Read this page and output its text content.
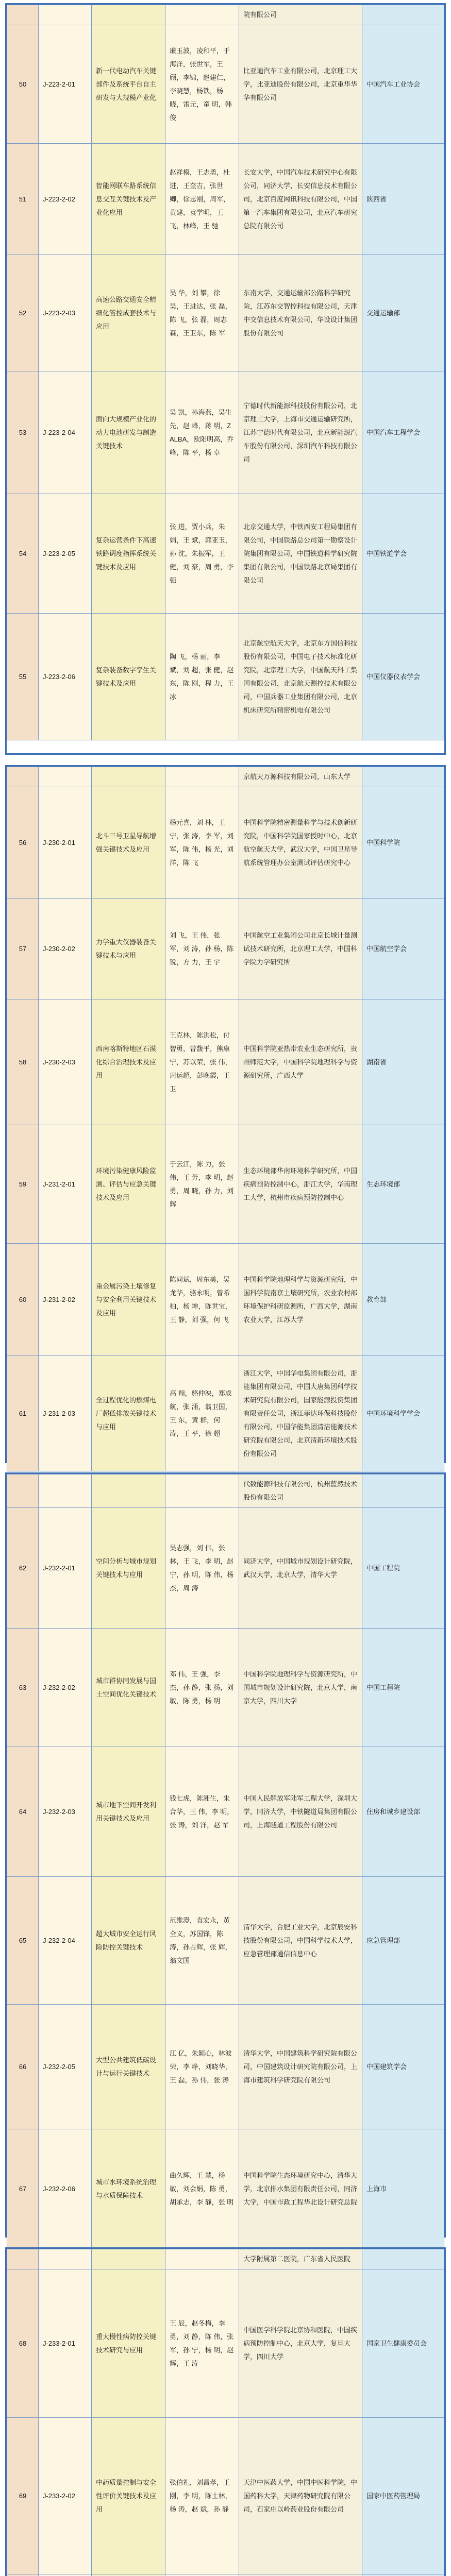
				院有限公司	
50	J-223-2-01	新一代电动汽车关键部件及系统平台自主研发与大规模产业化	廉玉波，凌和平，于海洋，张世军，王颀，李锦，赵建仁，李晓慧，杨铁，杨晓，雷元，童 明，韩 俊	比亚迪汽车工业有限公司，北京理工大学，比亚迪股份有限公司，北京重华华华有限公司	中国汽车工业协会
51	J-223-2-02	智能网联车路系统信息交互关键技术及产业化应用	赵祥模，王志勇，杜进，王奎吉，张世卿，徐志刚，周军，黄建，袁学明，王飞，林峰，王 驰	长安大学，中国汽车技术研究中心有限公司，同济大学，长安信息技术有限公司，北京百度网讯科技有限公司，中国第一汽车集团有限公司，北京汽车研究总院有限公司	陕西省
52	J-223-2-03	高速公路交通安全精细化管控成套技术与应用	吴 华，刘 攀，徐 吴，王进达，张 磊，陈 飞，张 磊，周志森，王卫东，陈 军	东南大学，交通运输部公路科学研究院，江苏东交智控科技有限公司，天津中交信息技术有限公司，华设设计集团股份有限公司	交通运输部
53	J-223-2-04	面向大规模产业化的动力电池研发与制造关键技术	吴 凯，孙海燕，吴生先，赵 峰，蒋 明，ZALBA，欧阳明高，乔 峰，陈 平，杨 卓	宁德时代新能源科技股份有限公司，北京理工大学，上海市交通运输研究所，江苏宁德时代有限公司，北京新能源汽车股份有限公司，深圳汽车科技有限公司	中国汽车工程学会
54	J-223-2-05	复杂运营条件下高速铁路调度指挥系统关键技术及应用	张 进，贾小兵，朱 娟，王 斌，郭亚玉，孙 沈，朱振军，王 健，刘 豪，周 勇，李 强	北京交通大学，中铁西安工程局集团有限公司，中国铁路总公司第一勘察设计院集团有限公司，中国铁道科学研究院集团有限公司，中国铁路北京局集团有限公司	中国铁道学会
55	J-223-2-06	复杂装备数字孪生关键技术及应用	陶 飞，杨 丽，李 斌，刘 超，张 健，赵 东，陈 刚，程 力，王 冰	北京航空航天大学，北京东方国信科技股份有限公司，中国电子技术标准化研究院，北京理工大学，中国航天科工集团有限公司，北京航天测控技术有限公司，中国兵器工业集团有限公司，北京机床研究所精密机电有限公司	中国仪器仪表学会
				京航天万源科技有限公司，山东大学	
56	J-230-2-01	北斗三号卫星导航增强关键技术及应用	杨元喜，刘 林，王 宁，张 涛，李 军，刘 军，陈 伟，杨 光，刘 洋，陈 飞	中国科学院精密测量科学与技术创新研究院，中国科学院国家授时中心，北京航空航天大学，武汉大学，中国卫星导航系统管理办公室测试评估研究中心	中国科学院
57	J-230-2-02	力学重大仪器装备关键技术与应用	刘 飞，王 伟，张 军，刘 涛，孙 杨，陈 锐，方 力，王 宇	中国航空工业集团公司北京长城计量测试技术研究所，北京理工大学，中国科学院力学研究所	中国航空学会
58	J-230-2-03	西南喀斯特地区石漠化综合治理技术及应用	王克林，陈洪松，付智勇，曾馥平，熊康宁，苏以荣，张 伟，周运超，彭晚霞，王 卫	中国科学院亚热带农业生态研究所，贵州师范大学，中国科学院地理科学与资源研究所，广西大学	湖南省
59	J-231-2-01	环境污染健康风险监测、评估与应急关键技术及应用	于云江，陈 力，张 伟，王 芳，李 明，赵 勇，周 晓，孙 力，刘 辉	生态环境部华南环境科学研究所，中国疾病预防控制中心，浙江大学，华南理工大学，杭州市疾病预防控制中心	生态环境部
60	J-231-2-02	重金属污染土壤修复与安全利用关键技术及应用	陈同斌，周东美，吴龙华，骆永明，曾希柏，杨 坤，陈世宝，王 静，刘 强，何 飞	中国科学院地理科学与资源研究所，中国科学院南京土壤研究所，农业农村部环境保护科研监测所，广西大学，湖南农业大学，江苏大学	教育部
61	J-231-2-03	全过程优化的燃煤电厂超低排放关键技术与应用	高 翔，骆仲泱，郑成航，张 涌，翁卫国，王 东，黄 群，何 涛，王 平，徐 超	浙江大学，中国华电集团有限公司，浙能集团有限公司，中国大唐集团科学技术研究院有限公司，国家能源投资集团有限责任公司，浙江菲达环保科技股份有限公司，中国华能集团清洁能源技术研究院有限公司，北京清新环境技术股份有限公司	中国环境科学学会
				代数能源科技有限公司，杭州蓝然技术股份有限公司	
62	J-232-2-01	空间分析与城市规划关键技术与应用	吴志强，刘 伟，张 林，王 飞，李 明，赵 宁，孙 明，陈 伟，杨 杰，周 涛	同济大学，中国城市规划设计研究院，武汉大学，北京大学，清华大学	中国工程院
63	J-232-2-02	城市群协同发展与国土空间优化关键技术	邓 伟，王 强，李 杰，孙 静，张 扬，刘 敏，陈 勇，杨 明	中国科学院地理科学与资源研究所，中国城市规划设计研究院，北京大学，南京大学，四川大学	中国工程院
64	J-232-2-03	城市地下空间开发利用关键技术及应用	钱七虎，陈湘生，朱合华，王 伟，李 明，张 涛，刘 洋，赵 军	中国人民解放军陆军工程大学，深圳大学，同济大学，中铁隧道局集团有限公司，上海隧道工程股份有限公司	住房和城乡建设部
65	J-232-2-04	超大城市安全运行风险防控关键技术	范维澄，袁宏永，黄全义，苏国锋，陈 涛，孙占辉，张 辉，翁文国	清华大学，合肥工业大学，北京辰安科技股份有限公司，中国科学技术大学，应急管理部通信信息中心	应急管理部
66	J-232-2-05	大型公共建筑低碳设计与运行关键技术	江 亿，朱颖心，林波荣，李 峥，刘晓华，王 磊，孙 伟，张 涛	清华大学，中国建筑科学研究院有限公司，中国建筑设计研究院有限公司，上海市建筑科学研究院有限公司	中国建筑学会
67	J-232-2-06	城市水环境系统治理与水质保障技术	曲久辉，王 慧，杨 敏，刘会娟，陈 勇，胡承志，李 静，张 明	中国科学院生态环境研究中心，清华大学，北京排水集团有限责任公司，同济大学，中国市政工程华北设计研究总院	上海市
				大学附属第二医院，广东省人民医院	
68	J-233-2-01	重大慢性病防控关键技术研究与应用	王 辰，赵冬梅，李 勇，刘 静，陈 伟，张 军，孙 宁，杨 明，赵 辉，王 涛	中国医学科学院北京协和医院，中国疾病预防控制中心，北京大学，复旦大学，四川大学	国家卫生健康委员会
69	J-233-2-02	中药质量控制与安全性评价关键技术及应用	张伯礼，刘昌孝，王 刚，李 明，陈士林，杨 涛，赵 斌，孙 静	天津中医药大学，中国中医科学院，中国药科大学，天津药物研究院有限公司，石家庄以岭药业股份有限公司	国家中医药管理局
